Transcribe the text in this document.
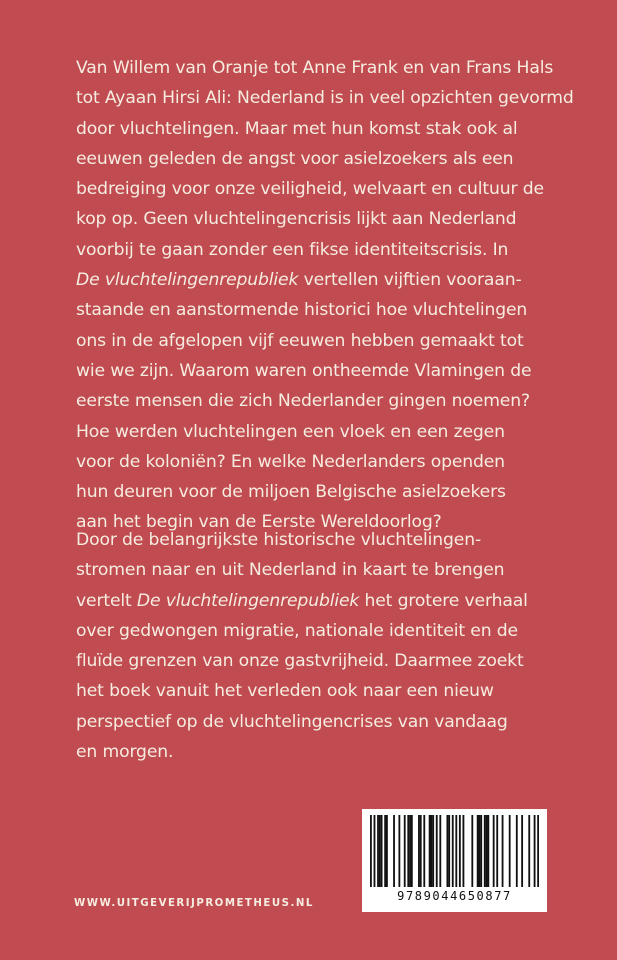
Van Willem van Oranje tot Anne Frank en van Frans Hals
tot Ayaan Hirsi Ali: Nederland is in veel opzichten gevormd
door vluchtelingen. Maar met hun komst stak ook al
eeuwen geleden de angst voor asielzoekers als een
bedreiging voor onze veiligheid, welvaart en cultuur de
kop op. Geen vluchtelingencrisis lijkt aan Nederland
voorbij te gaan zonder een fikse identiteitscrisis. In
De vluchtelingenrepubliek vertellen vijftien vooraan-
staande en aanstormende historici hoe vluchtelingen
ons in de afgelopen vijf eeuwen hebben gemaakt tot
wie we zijn. Waarom waren ontheemde Vlamingen de
eerste mensen die zich Nederlander gingen noemen?
Hoe werden vluchtelingen een vloek en een zegen
voor de koloniën? En welke Nederlanders openden
hun deuren voor de miljoen Belgische asielzoekers
aan het begin van de Eerste Wereldoorlog?
Door de belangrijkste historische vluchtelingen-
stromen naar en uit Nederland in kaart te brengen
vertelt De vluchtelingenrepubliek het grotere verhaal
over gedwongen migratie, nationale identiteit en de
fluïde grenzen van onze gastvrijheid. Daarmee zoekt
het boek vanuit het verleden ook naar een nieuw
perspectief op de vluchtelingencrises van vandaag
en morgen.
WWW.UITGEVERIJPROMETHEUS.NL
9789044650877
